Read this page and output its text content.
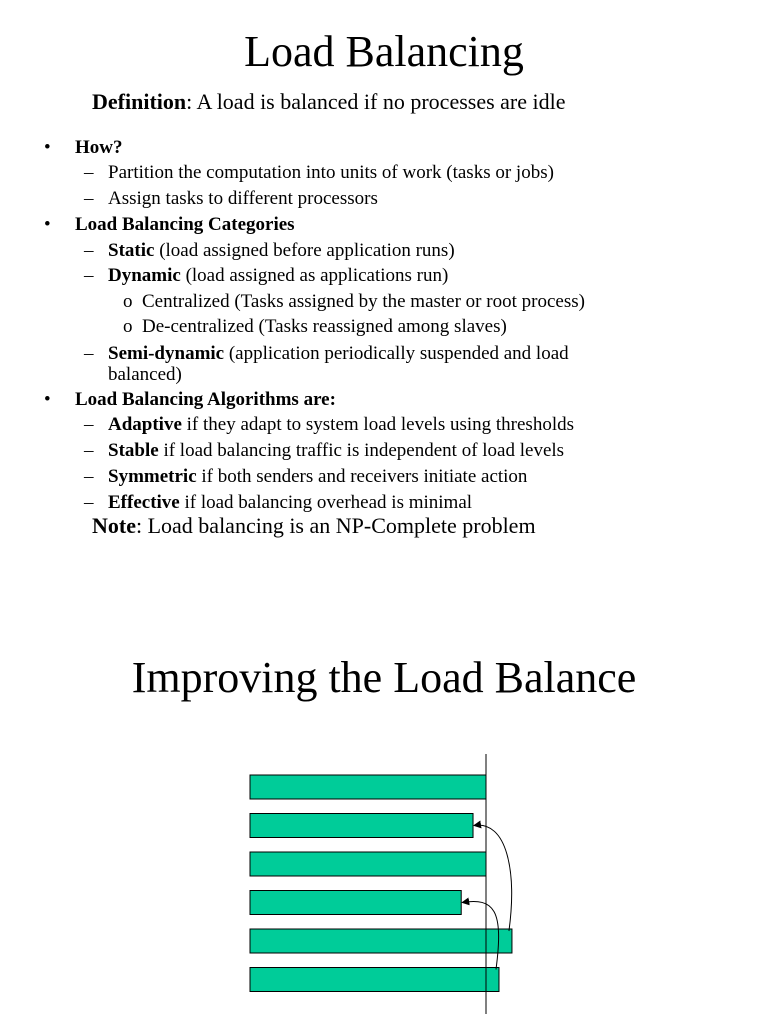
Load Balancing
Definition: A load is balanced if no processes are idle
• How?
– Partition the computation into units of work (tasks or jobs)
– Assign tasks to different processors
• Load Balancing Categories
– Static (load assigned before application runs)
– Dynamic (load assigned as applications run)
o Centralized (Tasks assigned by the master or root process)
o De-centralized (Tasks reassigned among slaves)
– Semi-dynamic (application periodically suspended and load
balanced)
• Load Balancing Algorithms are:
– Adaptive if they adapt to system load levels using thresholds
– Stable if load balancing traffic is independent of load levels
– Symmetric if both senders and receivers initiate action
– Effective if load balancing overhead is minimal
Note: Load balancing is an NP-Complete problem
Improving the Load Balance
